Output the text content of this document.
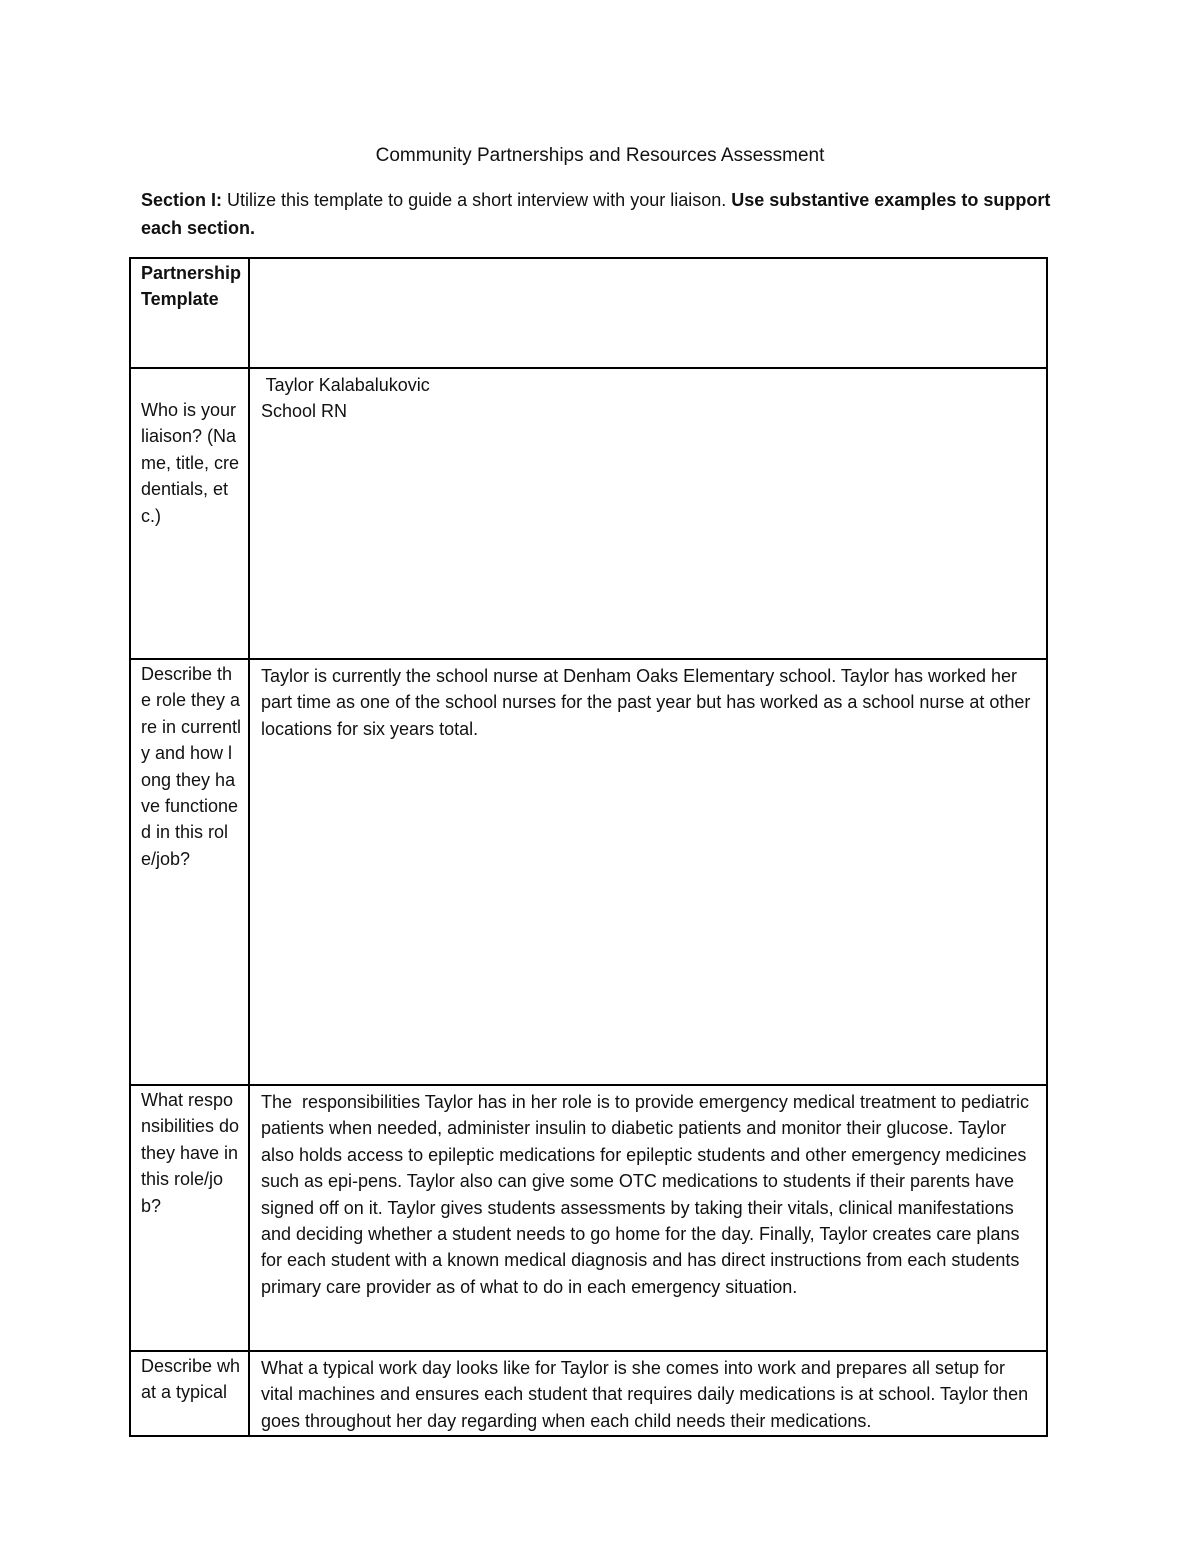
Community Partnerships and Resources Assessment
Section I: Utilize this template to guide a short interview with your liaison. Use substantive examples to support each section.
Partnership Template	
Who is your liaison? (Name, title, credentials, etc.)	Taylor Kalabalukovic
School RN

Describe the role they are in currently and how long they have functioned in this role/job?	Taylor is currently the school nurse at Denham Oaks Elementary school. Taylor has worked her part time as one of the school nurses for the past year but has worked as a school nurse at other locations for six years total.
What responsibilities do they have in this role/job?	The  responsibilities Taylor has in her role is to provide emergency medical treatment to pediatric patients when needed, administer insulin to diabetic patients and monitor their glucose. Taylor also holds access to epileptic medications for epileptic students and other emergency medicines such as epi-pens. Taylor also can give some OTC medications to students if their parents have signed off on it. Taylor gives students assessments by taking their vitals, clinical manifestations and deciding whether a student needs to go home for the day. Finally, Taylor creates care plans for each student with a known medical diagnosis and has direct instructions from each students primary care provider as of what to do in each emergency situation.
Describe what a typical	What a typical work day looks like for Taylor is she comes into work and prepares all setup for vital machines and ensures each student that requires daily medications is at school. Taylor then goes throughout her day regarding when each child needs their medications.
